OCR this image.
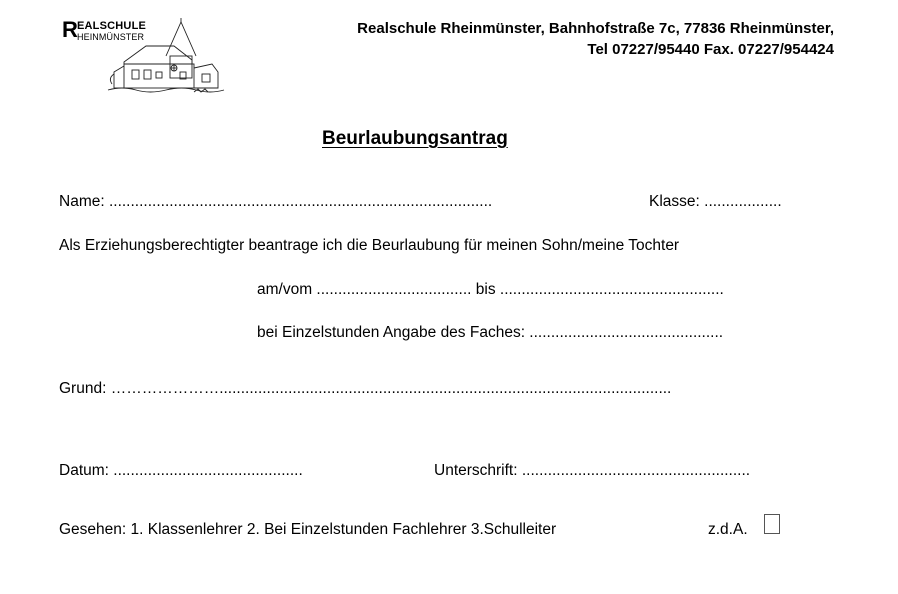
R EALSCHULE
HEINMÜNSTER	Realschule Rheinmünster, Bahnhofstraße 7c, 77836 Rheinmünster,
Tel 07227/95440 Fax. 07227/954424
Beurlaubungsantrag
Name: .........................................................................................	Klasse: ..................
Als Erziehungsberechtigter beantrage ich die Beurlaubung für meinen Sohn/meine Tochter
am/vom .................................... bis ....................................................
bei Einzelstunden Angabe des Faches: .............................................
Grund: ………………….........................................................................................................
Datum: ............................................	Unterschrift: .....................................................
Gesehen: 1. Klassenlehrer 2. Bei Einzelstunden Fachlehrer 3.Schulleiter	z.d.A.
